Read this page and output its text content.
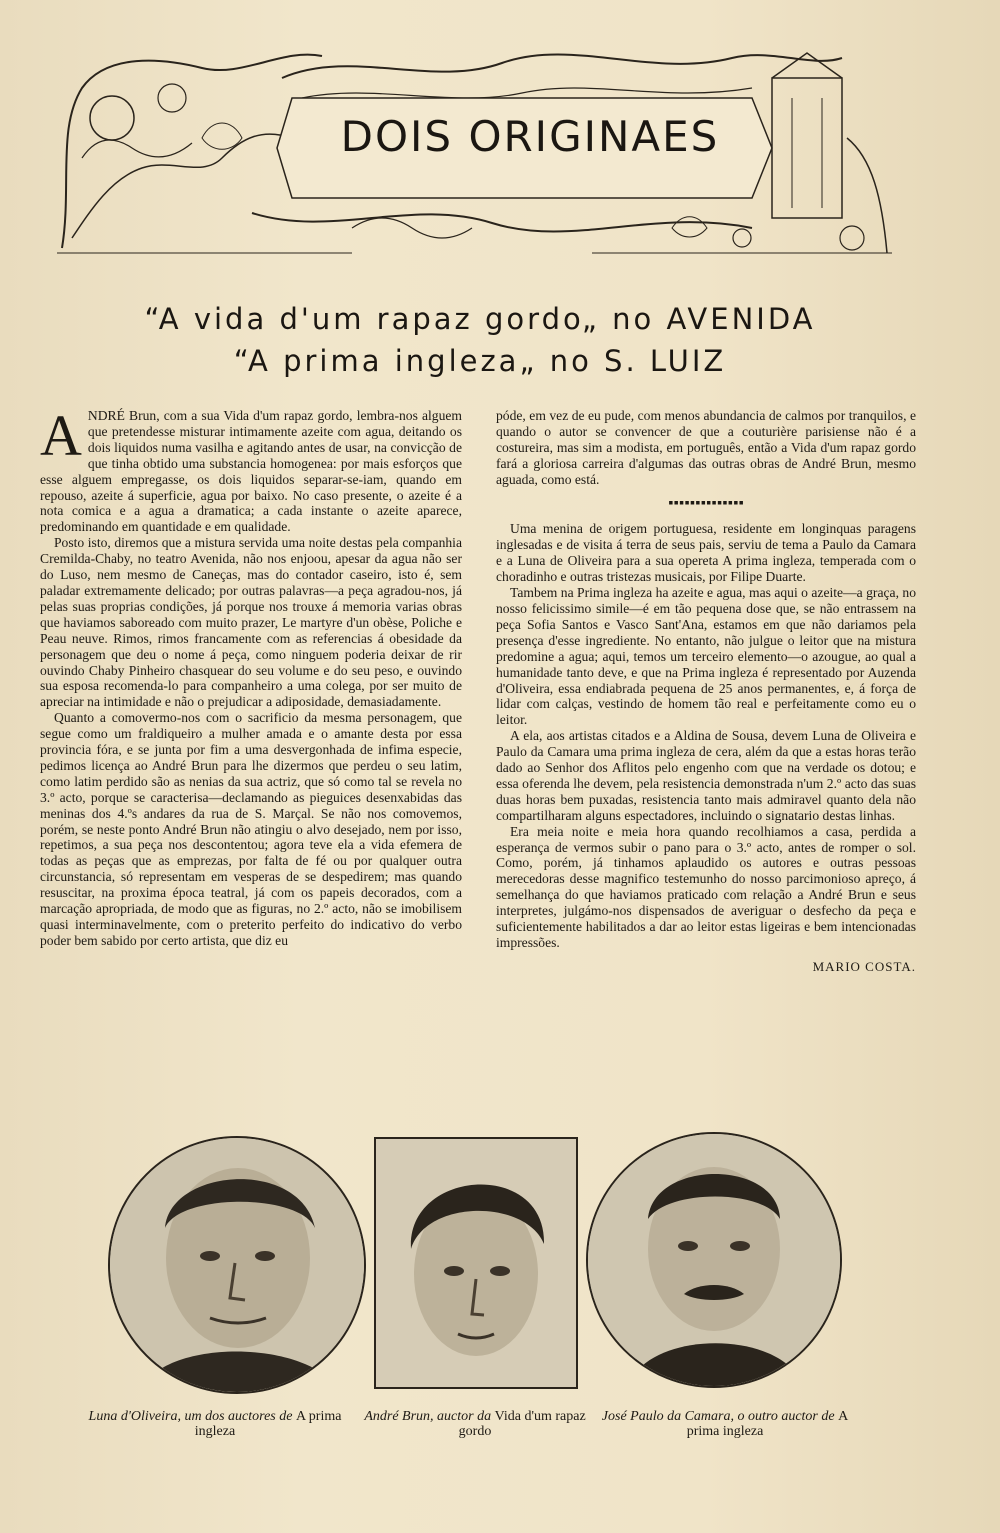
DOIS ORIGINAES
“A vida d'um rapaz gordo„ no AVENIDA
“A prima ingleza„ no S. LUIZ

ANDRÉ Brun, com a sua Vida d'um rapaz gordo, lembra-nos alguem que pretendesse misturar intimamente azeite com agua, deitando os dois liquidos numa vasilha e agitando antes de usar, na convicção de que tinha obtido uma substancia homogenea: por mais esforços que esse alguem empregasse, os dois liquidos separar-se-iam, quando em repouso, azeite á superficie, agua por baixo. No caso presente, o azeite é a nota comica e a agua a dramatica; a cada instante o azeite aparece, predominando em quantidade e em qualidade.

Posto isto, diremos que a mistura servida uma noite destas pela companhia Cremilda-Chaby, no teatro Avenida, não nos enjoou, apesar da agua não ser do Luso, nem mesmo de Caneças, mas do contador caseiro, isto é, sem paladar extremamente delicado; por outras palavras—a peça agradou-nos, já pelas suas proprias condições, já porque nos trouxe á memoria varias obras que haviamos saboreado com muito prazer, Le martyre d'un obèse, Poliche e Peau neuve. Rimos, rimos francamente com as referencias á obesidade da personagem que deu o nome á peça, como ninguem poderia deixar de rir ouvindo Chaby Pinheiro chasquear do seu volume e do seu peso, e ouvindo sua esposa recomenda-lo para companheiro a uma colega, por ser muito de apreciar na intimidade e não o prejudicar a adiposidade, demasiadamente.

Quanto a comovermo-nos com o sacrificio da mesma personagem, que segue como um fraldiqueiro a mulher amada e o amante desta por essa provincia fóra, e se junta por fim a uma desvergonhada de infima especie, pedimos licença ao André Brun para lhe dizermos que perdeu o seu latim, como latim perdido são as nenias da sua actriz, que só como tal se revela no 3.º acto, porque se caracterisa—declamando as pieguices desenxabidas das meninas dos 4.ºs andares da rua de S. Marçal. Se não nos comovemos, porém, se neste ponto André Brun não atingiu o alvo desejado, nem por isso, repetimos, a sua peça nos descontentou; agora teve ela a vida efemera de todas as peças que as emprezas, por falta de fé ou por qualquer outra circunstancia, só representam em vesperas de se despedirem; mas quando resuscitar, na proxima época teatral, já com os papeis decorados, com a marcação apropriada, de modo que as figuras, no 2.º acto, não se imobilisem quasi interminavelmente, com o preterito perfeito do indicativo do verbo poder bem sabido por certo artista, que diz eu

póde, em vez de eu pude, com menos abundancia de calmos por tranquilos, e quando o autor se convencer de que a couturière parisiense não é a costureira, mas sim a modista, em português, então a Vida d'um rapaz gordo fará a gloriosa carreira d'algumas das outras obras de André Brun, mesmo aguada, como está.

▪▪▪▪▪▪▪▪▪▪▪▪▪▪

Uma menina de origem portuguesa, residente em longinquas paragens inglesadas e de visita á terra de seus pais, serviu de tema a Paulo da Camara e a Luna de Oliveira para a sua opereta A prima ingleza, temperada com o choradinho e outras tristezas musicais, por Filipe Duarte.

Tambem na Prima ingleza ha azeite e agua, mas aqui o azeite—a graça, no nosso felicissimo simile—é em tão pequena dose que, se não entrassem na peça Sofia Santos e Vasco Sant'Ana, estamos em que não dariamos pela presença d'esse ingrediente. No entanto, não julgue o leitor que na mistura predomine a agua; aqui, temos um terceiro elemento—o azougue, ao qual a humanidade tanto deve, e que na Prima ingleza é representado por Auzenda d'Oliveira, essa endiabrada pequena de 25 anos permanentes, e, á força de lidar com calças, vestindo de homem tão real e perfeitamente como eu o leitor.

A ela, aos artistas citados e a Aldina de Sousa, devem Luna de Oliveira e Paulo da Camara uma prima ingleza de cera, além da que a estas horas terão dado ao Senhor dos Aflitos pelo engenho com que na verdade os dotou; e essa oferenda lhe devem, pela resistencia demonstrada n'um 2.º acto das suas duas horas bem puxadas, resistencia tanto mais admiravel quanto dela não compartilharam alguns espectadores, incluindo o signatario destas linhas.

Era meia noite e meia hora quando recolhiamos a casa, perdida a esperança de vermos subir o pano para o 3.º acto, antes de romper o sol. Como, porém, já tinhamos aplaudido os autores e outras pessoas merecedoras desse magnifico testemunho do nosso parcimonioso apreço, á semelhança do que haviamos praticado com relação a André Brun e seus interpretes, julgámo-nos dispensados de averiguar o desfecho da peça e suficientemente habilitados a dar ao leitor estas ligeiras e bem intencionadas impressões.

MARIO COSTA.
Luna d'Oliveira, um dos auctores de A prima ingleza
André Brun, auctor da Vida d'um rapaz gordo
José Paulo da Camara, o outro auctor de A prima ingleza
